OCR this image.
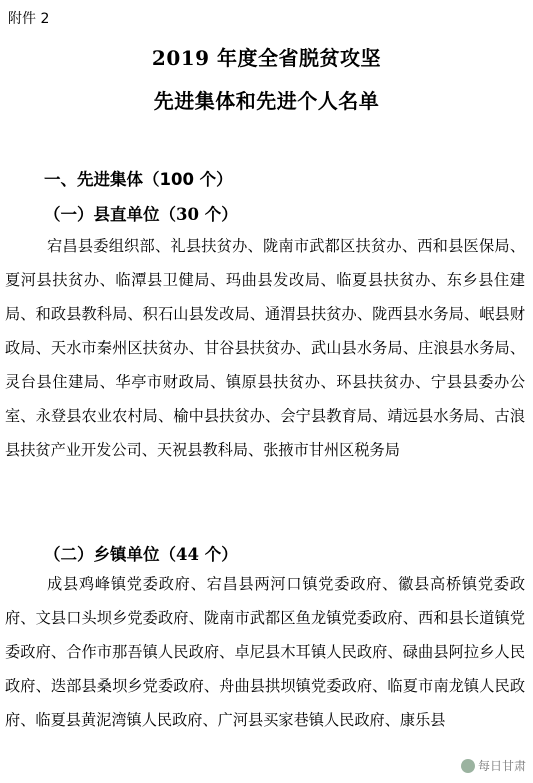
附件 2
2019 年度全省脱贫攻坚
先进集体和先进个人名单
一、先进集体（100 个）
（一）县直单位（30 个）
宕昌县委组织部、礼县扶贫办、陇南市武都区扶贫办、西和县医保局、夏河县扶贫办、临潭县卫健局、玛曲县发改局、临夏县扶贫办、东乡县住建局、和政县教科局、积石山县发改局、通渭县扶贫办、陇西县水务局、岷县财政局、天水市秦州区扶贫办、甘谷县扶贫办、武山县水务局、庄浪县水务局、灵台县住建局、华亭市财政局、镇原县扶贫办、环县扶贫办、宁县县委办公室、永登县农业农村局、榆中县扶贫办、会宁县教育局、靖远县水务局、古浪县扶贫产业开发公司、天祝县教科局、张掖市甘州区税务局
（二）乡镇单位（44 个）
成县鸡峰镇党委政府、宕昌县两河口镇党委政府、徽县高桥镇党委政府、文县口头坝乡党委政府、陇南市武都区鱼龙镇党委政府、西和县长道镇党委政府、合作市那吾镇人民政府、卓尼县木耳镇人民政府、碌曲县阿拉乡人民政府、迭部县桑坝乡党委政府、舟曲县拱坝镇党委政府、临夏市南龙镇人民政府、临夏县黄泥湾镇人民政府、广河县买家巷镇人民政府、康乐县
每日甘肃
